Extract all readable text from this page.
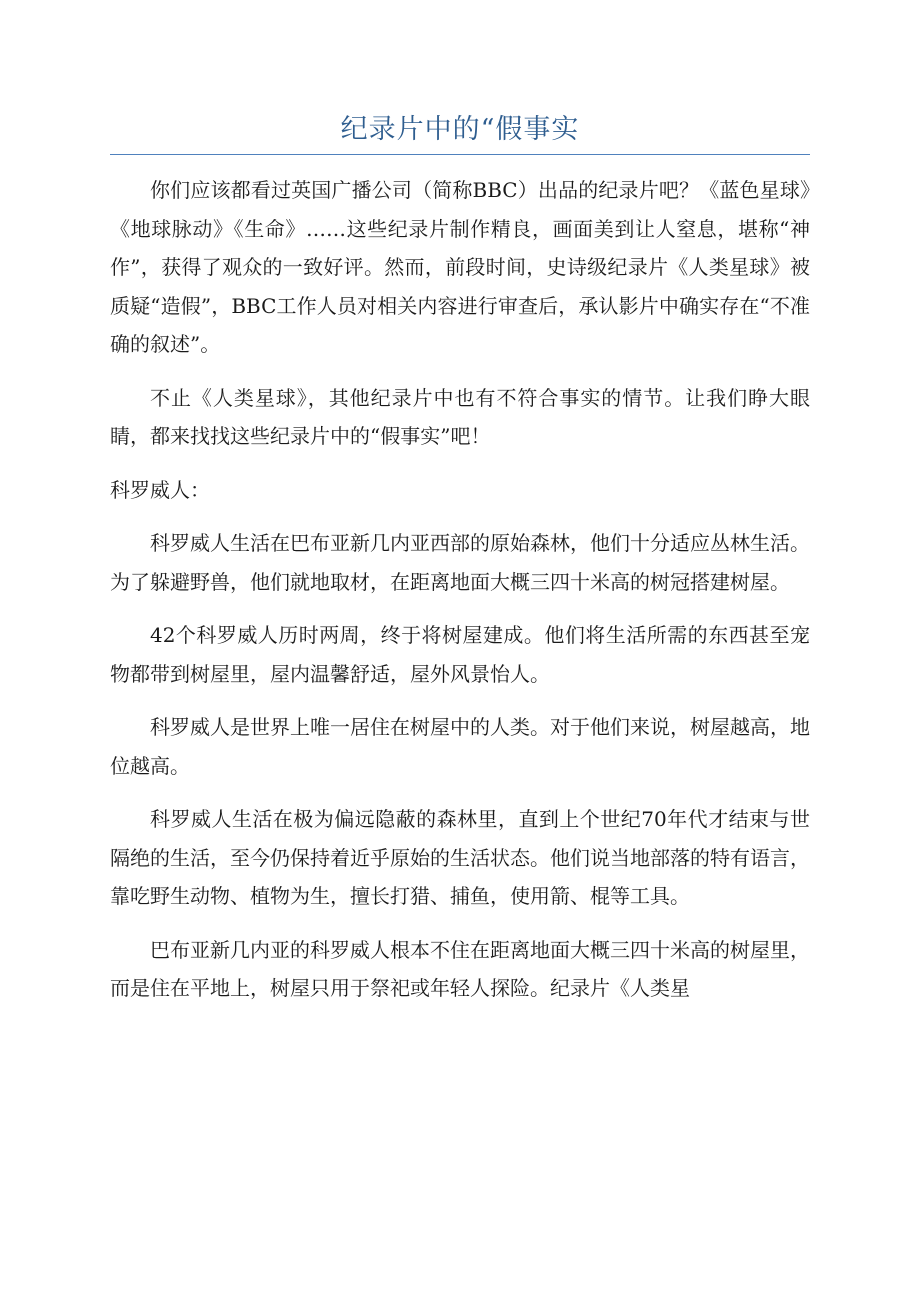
纪录片中的“假事实

你们应该都看过英国广播公司（简称BBC）出品的纪录片吧？《蓝色星球》《地球脉动》《生命》……这些纪录片制作精良，画面美到让人窒息，堪称“神作”，获得了观众的一致好评。然而，前段时间，史诗级纪录片《人类星球》被质疑“造假”，BBC工作人员对相关内容进行审查后，承认影片中确实存在“不准确的叙述”。

不止《人类星球》，其他纪录片中也有不符合事实的情节。让我们睁大眼睛，都来找找这些纪录片中的“假事实”吧！

科罗威人：

科罗威人生活在巴布亚新几内亚西部的原始森林，他们十分适应丛林生活。为了躲避野兽，他们就地取材，在距离地面大概三四十米高的树冠搭建树屋。

42个科罗威人历时两周，终于将树屋建成。他们将生活所需的东西甚至宠物都带到树屋里，屋内温馨舒适，屋外风景怡人。

科罗威人是世界上唯一居住在树屋中的人类。对于他们来说，树屋越高，地位越高。

科罗威人生活在极为偏远隐蔽的森林里，直到上个世纪70年代才结束与世隔绝的生活，至今仍保持着近乎原始的生活状态。他们说当地部落的特有语言，靠吃野生动物、植物为生，擅长打猎、捕鱼，使用箭、棍等工具。

巴布亚新几内亚的科罗威人根本不住在距离地面大概三四十米高的树屋里，而是住在平地上，树屋只用于祭祀或年轻人探险。纪录片《人类星
